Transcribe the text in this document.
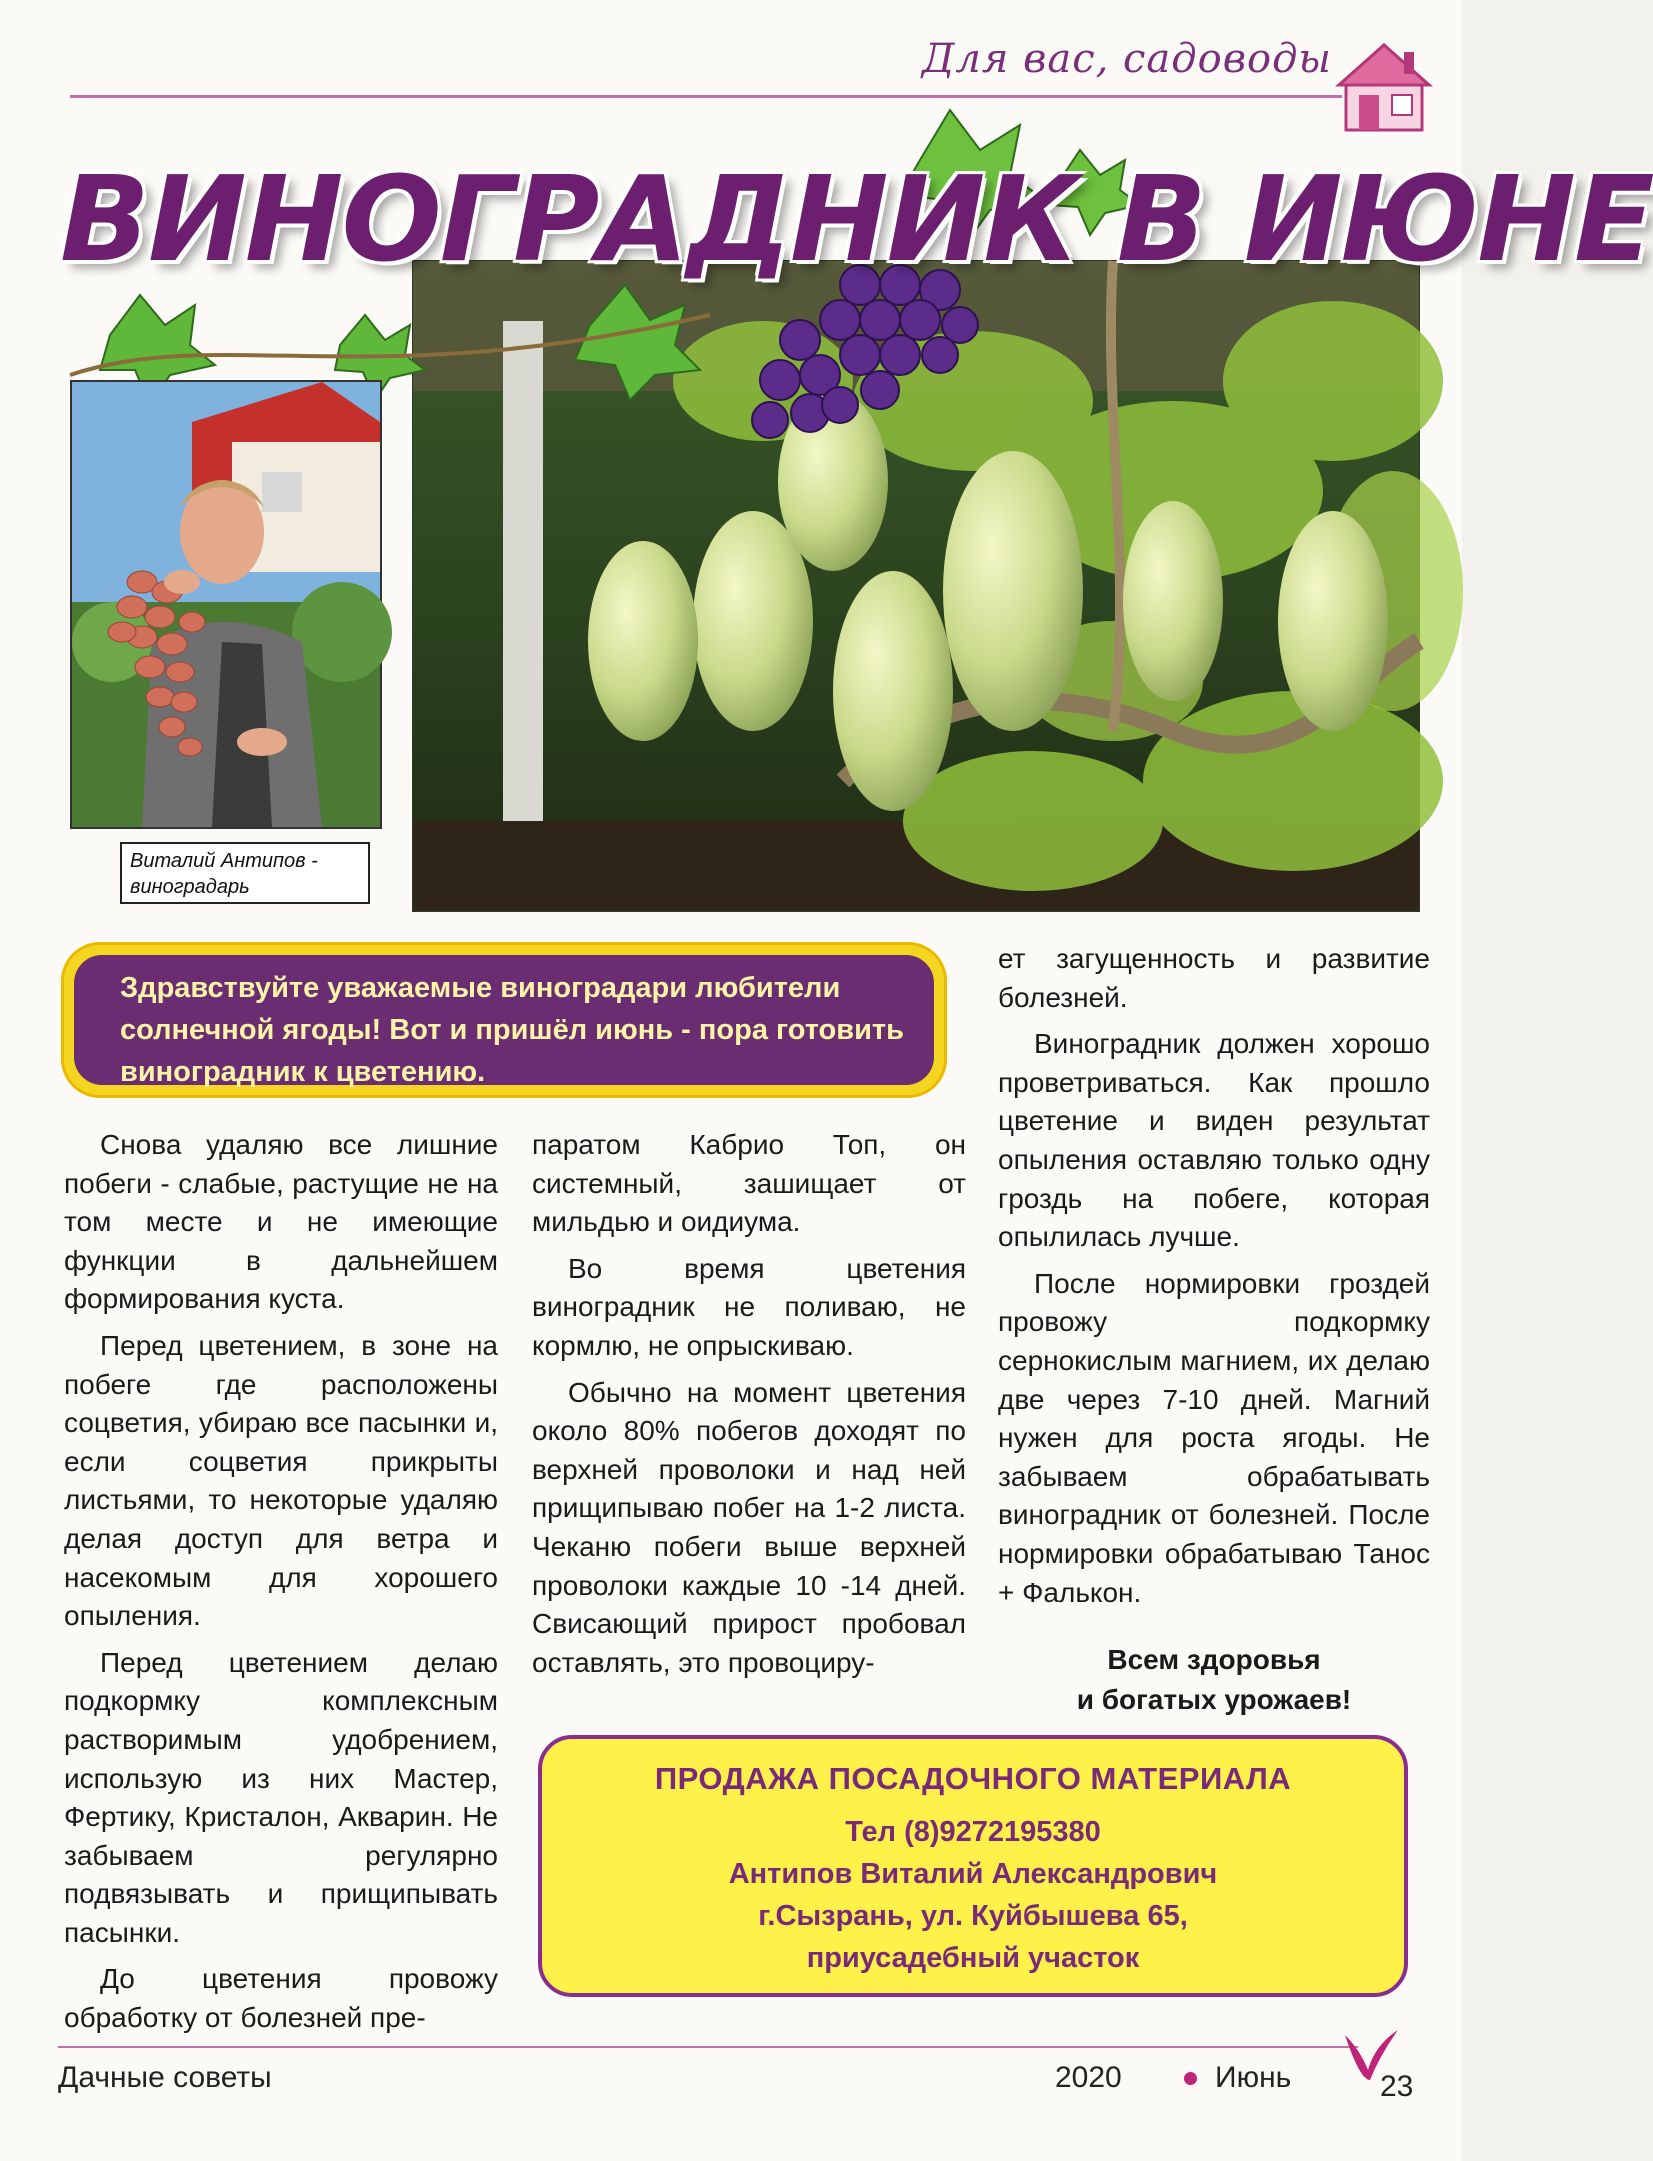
Для вас, садоводы
ВИНОГРАДНИК В ИЮНЕ
Виталий Антипов - виноградарь
Здравствуйте уважаемые виноградари любители солнечной ягоды! Вот и пришёл июнь - пора готовить виноградник к цветению.

Снова удаляю все лишние побеги - слабые, растущие не на том месте и не имеющие функции в дальнейшем формирования куста.

Перед цветением, в зоне на побеге где расположены соцветия, убираю все пасынки и, если соцветия прикрыты листьями, то некоторые удаляю делая доступ для ветра и насекомым для хорошего опыления.

Перед цветением делаю подкормку комплексным растворимым удобрением, использую из них Мастер, Фертику, Кристалон, Акварин. Не забываем регулярно подвязывать и прищипывать пасынки.

До цветения провожу обработку от болезней пре-

паратом Кабрио Топ, он системный, зашищает от мильдью и оидиума.

Во время цветения виноградник не поливаю, не кормлю, не опрыскиваю.

Обычно на момент цветения около 80% побегов доходят по верхней проволоки и над ней прищипываю побег на 1-2 листа. Чеканю побеги выше верхней проволоки каждые 10 -14 дней. Свисающий прирост пробовал оставлять, это провоциру-

ет загущенность и развитие болезней.

Виноградник должен хорошо проветриваться. Как прошло цветение и виден результат опыления оставляю только одну гроздь на побеге, которая опылилась лучше.

После нормировки гроздей провожу подкормку сернокислым магнием, их делаю две через 7-10 дней. Магний нужен для роста ягоды. Не забываем обрабатывать виноградник от болезней. После нормировки обрабатываю Танос + Фалькон.

Всем здоровья
и богатых урожаев!
ПРОДАЖА ПОСАДОЧНОГО МАТЕРИАЛА
Тел (8)9272195380
Антипов Виталий Александрович
г.Сызрань, ул. Куйбышева 65,
приусадебный участок
Дачные советы	2020	Июнь	23
